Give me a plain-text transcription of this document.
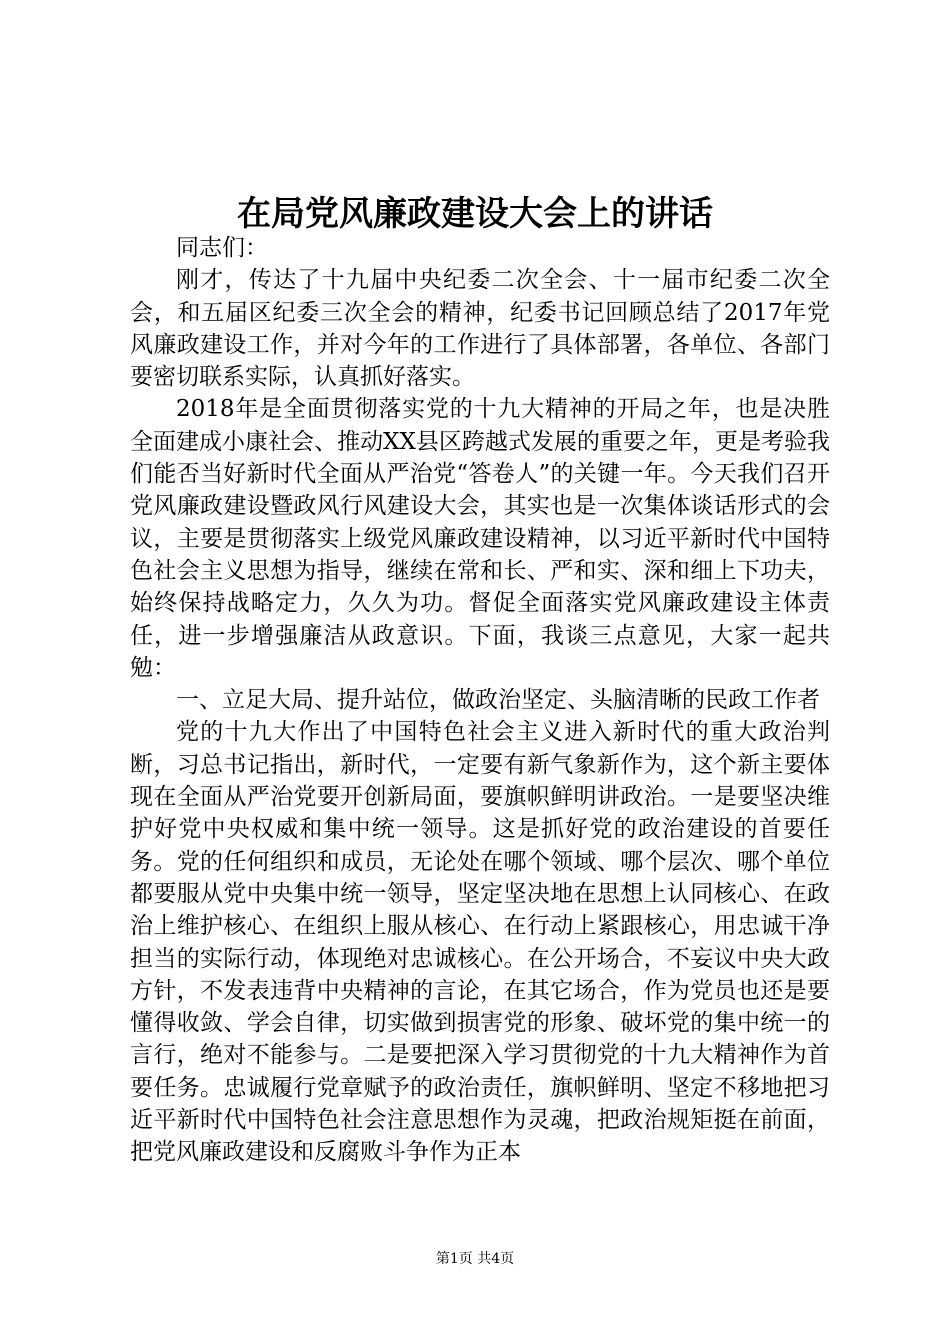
在局党风廉政建设大会上的讲话

同志们：

刚才，传达了十九届中央纪委二次全会、十一届市纪委二次全会，和五届区纪委三次全会的精神，纪委书记回顾总结了2017年党风廉政建设工作，并对今年的工作进行了具体部署，各单位、各部门要密切联系实际，认真抓好落实。

2018年是全面贯彻落实党的十九大精神的开局之年，也是决胜全面建成小康社会、推动XX县区跨越式发展的重要之年，更是考验我们能否当好新时代全面从严治党“答卷人”的关键一年。今天我们召开党风廉政建设暨政风行风建设大会，其实也是一次集体谈话形式的会议，主要是贯彻落实上级党风廉政建设精神，以习近平新时代中国特色社会主义思想为指导，继续在常和长、严和实、深和细上下功夫，始终保持战略定力，久久为功。督促全面落实党风廉政建设主体责任，进一步增强廉洁从政意识。下面，我谈三点意见，大家一起共勉：

一、立足大局、提升站位，做政治坚定、头脑清晰的民政工作者

党的十九大作出了中国特色社会主义进入新时代的重大政治判断，习总书记指出，新时代，一定要有新气象新作为，这个新主要体现在全面从严治党要开创新局面，要旗帜鲜明讲政治。一是要坚决维护好党中央权威和集中统一领导。这是抓好党的政治建设的首要任务。党的任何组织和成员，无论处在哪个领域、哪个层次、哪个单位都要服从党中央集中统一领导，坚定坚决地在思想上认同核心、在政治上维护核心、在组织上服从核心、在行动上紧跟核心，用忠诚干净担当的实际行动，体现绝对忠诚核心。在公开场合，不妄议中央大政方针，不发表违背中央精神的言论，在其它场合，作为党员也还是要懂得收敛、学会自律，切实做到损害党的形象、破坏党的集中统一的言行，绝对不能参与。二是要把深入学习贯彻党的十九大精神作为首要任务。忠诚履行党章赋予的政治责任，旗帜鲜明、坚定不移地把习近平新时代中国特色社会注意思想作为灵魂，把政治规矩挺在前面，把党风廉政建设和反腐败斗争作为正本

第1页 共4页
